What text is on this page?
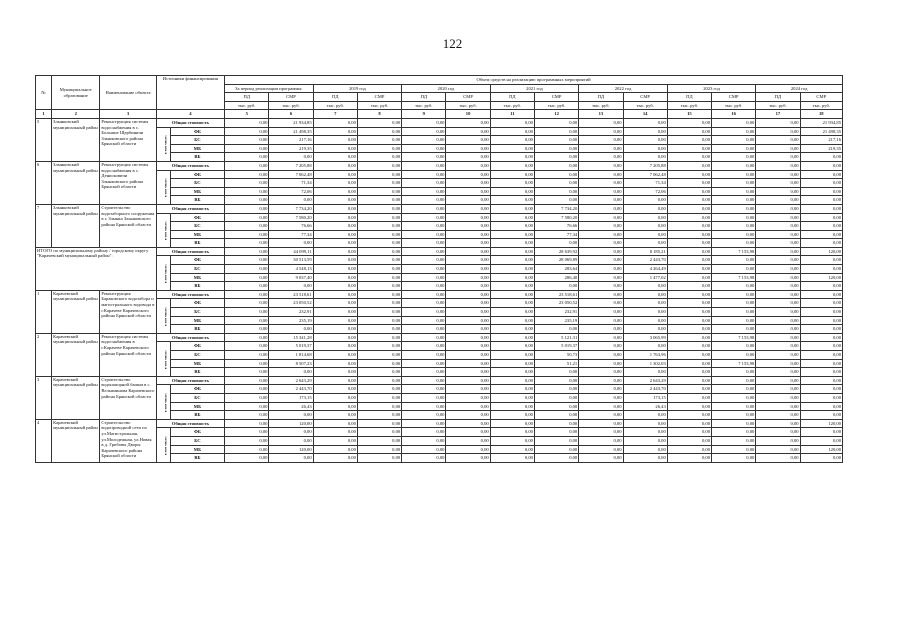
122
№	Муниципальное образование	Наименование объекта	Источники финансирования		Объем средств на реализацию программных мероприятий													
					За период реализации программы:		2019 год		2020 год		2021 год		2022 год		2023 год		2024 год	
					ПД	СМР	ПД	СМР	ПД	СМР	ПД	СМР	ПД	СМР	ПД	СМР	ПД	СМР
					тыс. руб.	тыс. руб.	тыс. руб.	тыс. руб.	тыс. руб.	тыс. руб.	тыс. руб.	тыс. руб.	тыс. руб.	тыс. руб.	тыс. руб.	тыс. руб.	тыс. руб.	тыс. руб.
1	2	3	4		5	6	7	8	9	10	11	12	13	14	15	16	17	18
5	Злынковский муниципальный район	Реконструкция системы водоснабжения в с. Большие Щербиничи Злынковского района Брянской области	Общая стоимость		0,00	21 934,85	0,00	0,00	0,00	0,00	0,00	0,00	0,00	0,00	0,00	0,00	0,00	21 934,85
			в том числе:	ФБ	0,00	21 498,35	0,00	0,00	0,00	0,00	0,00	0,00	0,00	0,00	0,00	0,00	0,00	21 498,35
				БС	0,00	217,16	0,00	0,00	0,00	0,00	0,00	0,00	0,00	0,00	0,00	0,00	0,00	217,16
				МБ	0,00	219,35	0,00	0,00	0,00	0,00	0,00	0,00	0,00	0,00	0,00	0,00	0,00	219,35
				ВБ	0,00	0,00	0,00	0,00	0,00	0,00	0,00	0,00	0,00	0,00	0,00	0,00	0,00	0,00
6	Злынковский муниципальный район	Реконструкция системы водоснабжения в с. Денисковичи Злынковского района Брянской области	Общая стоимость		0,00	7 205,88	0,00	0,00	0,00	0,00	0,00	0,00	0,00	7 205,88	0,00	0,00	0,00	0,00
			в том числе:	ФБ	0,00	7 062,48	0,00	0,00	0,00	0,00	0,00	0,00	0,00	7 062,48	0,00	0,00	0,00	0,00
				БС	0,00	71,34	0,00	0,00	0,00	0,00	0,00	0,00	0,00	71,34	0,00	0,00	0,00	0,00
				МБ	0,00	72,06	0,00	0,00	0,00	0,00	0,00	0,00	0,00	72,06	0,00	0,00	0,00	0,00
				ВБ	0,00	0,00	0,00	0,00	0,00	0,00	0,00	0,00	0,00	0,00	0,00	0,00	0,00	0,00
7	Злынковский муниципальный район	Строительство водозаборного сооружения в г. Злынка Злынковского района Брянской области	Общая стоимость		0,00	7 734,20	0,00	0,00	0,00	0,00	0,00	7 734,20	0,00	0,00	0,00	0,00	0,00	0,00
			в том числе:	ФБ	0,00	7 580,20	0,00	0,00	0,00	0,00	0,00	7 580,20	0,00	0,00	0,00	0,00	0,00	0,00
				БС	0,00	76,66	0,00	0,00	0,00	0,00	0,00	76,66	0,00	0,00	0,00	0,00	0,00	0,00
				МБ	0,00	77,34	0,00	0,00	0,00	0,00	0,00	77,34	0,00	0,00	0,00	0,00	0,00	0,00
				ВБ	0,00	0,00	0,00	0,00	0,00	0,00	0,00	0,00	0,00	0,00	0,00	0,00	0,00	0,00
ИТОГО по муниципальному району / городскому округу "Карачевский муниципальный район":			Общая стоимость		0,00	44 099,11	0,00	0,00	0,00	0,00	0,00	28 639,92	0,00	8 185,21	0,00	7 153,98	0,00	120,00
			в том числе:	ФБ	0,00	30 513,59	0,00	0,00	0,00	0,00	0,00	28 069,89	0,00	2 443,70	0,00	0,00	0,00	0,00
				БС	0,00	4 548,13	0,00	0,00	0,00	0,00	0,00	283,64	0,00	4 264,49	0,00	0,00	0,00	0,00
				МБ	0,00	9 037,40	0,00	0,00	0,00	0,00	0,00	286,40	0,00	1 477,02	0,00	7 153,98	0,00	120,00
				ВБ	0,00	0,00	0,00	0,00	0,00	0,00	0,00	0,00	0,00	0,00	0,00	0,00	0,00	0,00
1	Карачевский муниципальный район	Реконструкция Бараковского водозабора и магистрального водовода в г.Карачеве Карачевского района Брянской области	Общая стоимость		0,00	23 518,61	0,00	0,00	0,00	0,00	0,00	23 518,61	0,00	0,00	0,00	0,00	0,00	0,00
			в том числе:	ФБ	0,00	23 050,52	0,00	0,00	0,00	0,00	0,00	23 050,52	0,00	0,00	0,00	0,00	0,00	0,00
				БС	0,00	232,91	0,00	0,00	0,00	0,00	0,00	232,91	0,00	0,00	0,00	0,00	0,00	0,00
				МБ	0,00	235,19	0,00	0,00	0,00	0,00	0,00	235,19	0,00	0,00	0,00	0,00	0,00	0,00
				ВБ	0,00	0,00	0,00	0,00	0,00	0,00	0,00	0,00	0,00	0,00	0,00	0,00	0,00	0,00
2	Карачевский муниципальный район	Реконструкция системы водоснабжения в г.Карачеве Карачевского района Брянской области	Общая стоимость		0,00	15 341,28	0,00	0,00	0,00	0,00	0,00	5 121,31	0,00	3 065,99	0,00	7 153,98	0,00	0,00
			в том числе:	ФБ	0,00	5 019,37	0,00	0,00	0,00	0,00	0,00	5 019,37	0,00	0,00	0,00	0,00	0,00	0,00
				БС	0,00	1 814,68	0,00	0,00	0,00	0,00	0,00	50,73	0,00	1 763,96	0,00	0,00	0,00	0,00
				МБ	0,00	8 507,23	0,00	0,00	0,00	0,00	0,00	51,21	0,00	1 302,03	0,00	7 153,98	0,00	0,00
				ВБ	0,00	0,00	0,00	0,00	0,00	0,00	0,00	0,00	0,00	0,00	0,00	0,00	0,00	0,00
3	Карачевский муниципальный район	Строительство водонапорной башни в с. Вельяминова Карачевского района Брянской области	Общая стоимость		0,00	2 643,29	0,00	0,00	0,00	0,00	0,00	0,00	0,00	2 643,29	0,00	0,00	0,00	0,00
			в том числе:	ФБ	0,00	2 443,70	0,00	0,00	0,00	0,00	0,00	0,00	0,00	2 443,70	0,00	0,00	0,00	0,00
				БС	0,00	173,15	0,00	0,00	0,00	0,00	0,00	0,00	0,00	173,15	0,00	0,00	0,00	0,00
				МБ	0,00	26,43	0,00	0,00	0,00	0,00	0,00	0,00	0,00	26,43	0,00	0,00	0,00	0,00
				ВБ	0,00	0,00	0,00	0,00	0,00	0,00	0,00	0,00	0,00	0,00	0,00	0,00	0,00	0,00
4	Карачевский муниципальный район	Строительство водопроводной сети по ул.Магистральная, ул.Молодежная, ул.Новая в д. Грибовы Дворы Карачевского района Брянской области	Общая стоимость		0,00	120,00	0,00	0,00	0,00	0,00	0,00	0,00	0,00	0,00	0,00	0,00	0,00	120,00
			в том числе:	ФБ	0,00	0,00	0,00	0,00	0,00	0,00	0,00	0,00	0,00	0,00	0,00	0,00	0,00	0,00
				БС	0,00	0,00	0,00	0,00	0,00	0,00	0,00	0,00	0,00	0,00	0,00	0,00	0,00	0,00
				МБ	0,00	120,00	0,00	0,00	0,00	0,00	0,00	0,00	0,00	0,00	0,00	0,00	0,00	120,00
				ВБ	0,00	0,00	0,00	0,00	0,00	0,00	0,00	0,00	0,00	0,00	0,00	0,00	0,00	0,00
